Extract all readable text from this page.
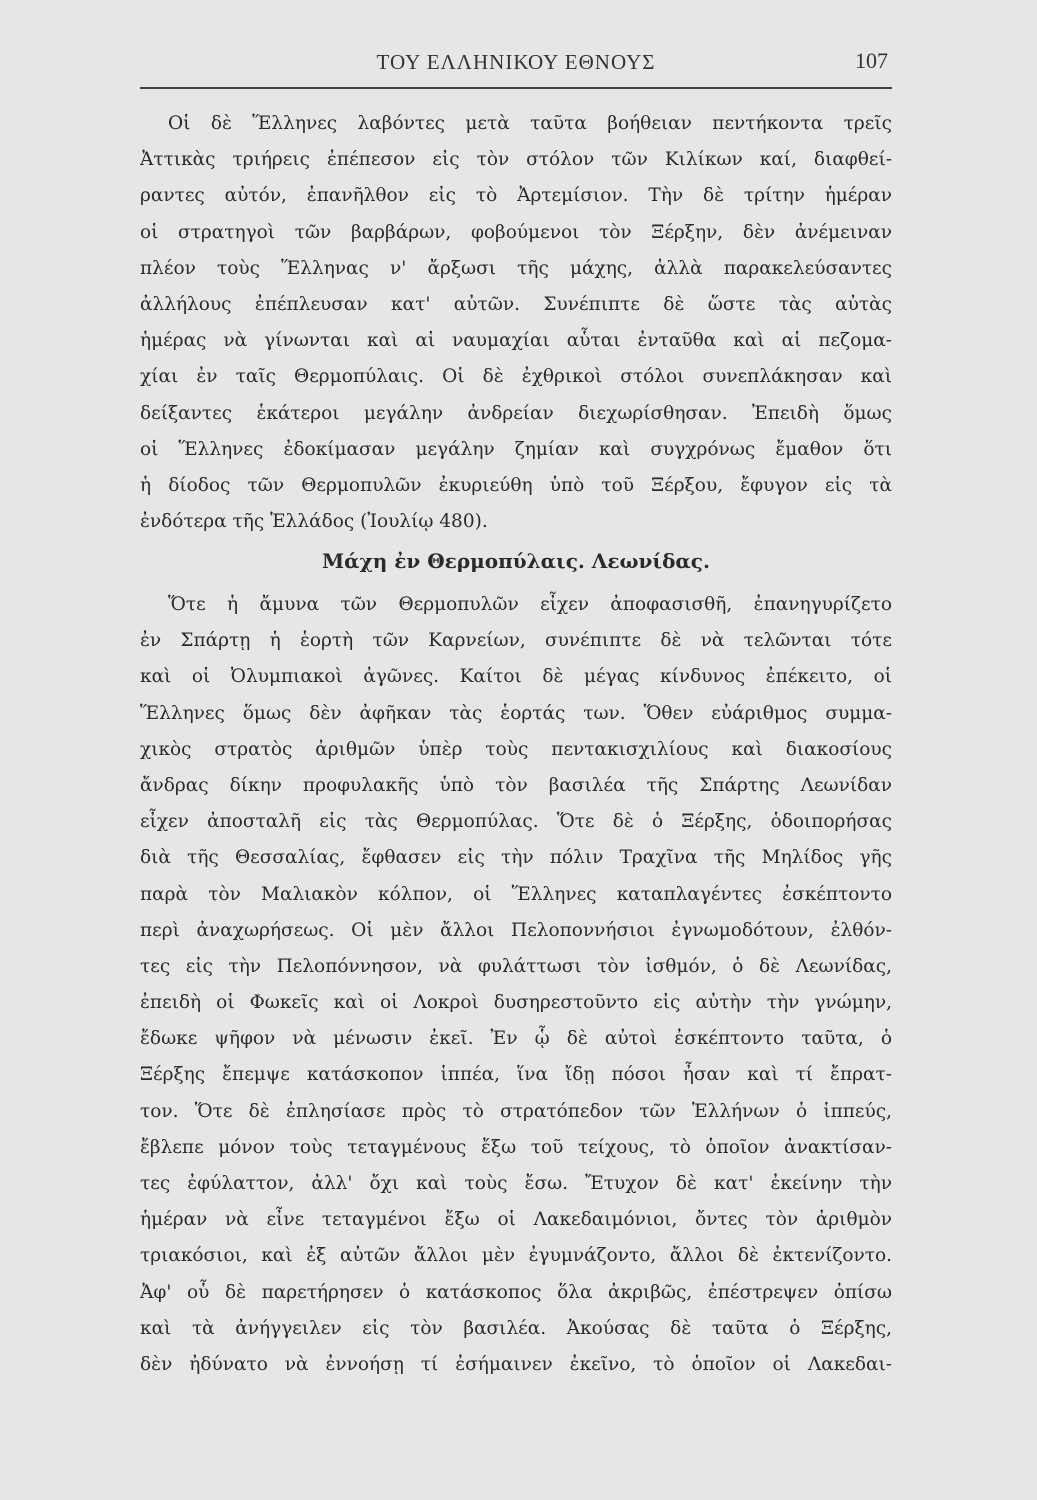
ΤΟΥ ΕΛΛΗΝΙΚΟΥ ΕΘΝΟΥΣ	107
Οἱ δὲ Ἕλληνες λαβόντες μετὰ ταῦτα βοήθειαν πεντήκοντα τρεῖς
Ἀττικὰς τριήρεις ἐπέπεσον εἰς τὸν στόλον τῶν Κιλίκων καί, διαφθεί-
ραντες αὐτόν, ἐπανῆλθον εἰς τὸ Ἀρτεμίσιον. Τὴν δὲ τρίτην ἡμέραν
οἱ στρατηγοὶ τῶν βαρβάρων, φοβούμενοι τὸν Ξέρξην, δὲν ἀνέμειναν
πλέον τοὺς Ἕλληνας ν' ἄρξωσι τῆς μάχης, ἀλλὰ παρακελεύσαντες
ἀλλήλους ἐπέπλευσαν κατ' αὐτῶν. Συνέπιπτε δὲ ὥστε τὰς αὐτὰς
ἡμέρας νὰ γίνωνται καὶ αἱ ναυμαχίαι αὗται ἐνταῦθα καὶ αἱ πεζομα-
χίαι ἐν ταῖς Θερμοπύλαις. Οἱ δὲ ἐχθρικοὶ στόλοι συνεπλάκησαν καὶ
δείξαντες ἑκάτεροι μεγάλην ἀνδρείαν διεχωρίσθησαν. Ἐπειδὴ ὅμως
οἱ Ἕλληνες ἐδοκίμασαν μεγάλην ζημίαν καὶ συγχρόνως ἔμαθον ὅτι
ἡ δίοδος τῶν Θερμοπυλῶν ἐκυριεύθη ὑπὸ τοῦ Ξέρξου, ἔφυγον εἰς τὰ
ἐνδότερα τῆς Ἑλλάδος (Ἰουλίῳ 480).
Μάχη ἐν Θερμοπύλαις. Λεωνίδας.
Ὅτε ἡ ἄμυνα τῶν Θερμοπυλῶν εἶχεν ἀποφασισθῆ, ἐπανηγυρίζετο
ἐν Σπάρτῃ ἡ ἑορτὴ τῶν Καρνείων, συνέπιπτε δὲ νὰ τελῶνται τότε
καὶ οἱ Ὀλυμπιακοὶ ἀγῶνες. Καίτοι δὲ μέγας κίνδυνος ἐπέκειτο, οἱ
Ἕλληνες ὅμως δὲν ἀφῆκαν τὰς ἑορτάς των. Ὅθεν εὐάριθμος συμμα-
χικὸς στρατὸς ἀριθμῶν ὑπὲρ τοὺς πεντακισχιλίους καὶ διακοσίους
ἄνδρας δίκην προφυλακῆς ὑπὸ τὸν βασιλέα τῆς Σπάρτης Λεωνίδαν
εἶχεν ἀποσταλῆ εἰς τὰς Θερμοπύλας. Ὅτε δὲ ὁ Ξέρξης, ὁδοιπορήσας
διὰ τῆς Θεσσαλίας, ἔφθασεν εἰς τὴν πόλιν Τραχῖνα τῆς Μηλίδος γῆς
παρὰ τὸν Μαλιακὸν κόλπον, οἱ Ἕλληνες καταπλαγέντες ἐσκέπτοντο
περὶ ἀναχωρήσεως. Οἱ μὲν ἄλλοι Πελοποννήσιοι ἐγνωμοδότουν, ἐλθόν-
τες εἰς τὴν Πελοπόννησον, νὰ φυλάττωσι τὸν ἰσθμόν, ὁ δὲ Λεωνίδας,
ἐπειδὴ οἱ Φωκεῖς καὶ οἱ Λοκροὶ δυσηρεστοῦντο εἰς αὐτὴν τὴν γνώμην,
ἔδωκε ψῆφον νὰ μένωσιν ἐκεῖ. Ἐν ᾧ δὲ αὐτοὶ ἐσκέπτοντο ταῦτα, ὁ
Ξέρξης ἔπεμψε κατάσκοπον ἱππέα, ἵνα ἴδῃ πόσοι ἦσαν καὶ τί ἔπρατ-
τον. Ὅτε δὲ ἐπλησίασε πρὸς τὸ στρατόπεδον τῶν Ἑλλήνων ὁ ἱππεύς,
ἔβλεπε μόνον τοὺς τεταγμένους ἔξω τοῦ τείχους, τὸ ὁποῖον ἀνακτίσαν-
τες ἐφύλαττον, ἀλλ' ὄχι καὶ τοὺς ἔσω. Ἔτυχον δὲ κατ' ἐκείνην τὴν
ἡμέραν νὰ εἶνε τεταγμένοι ἔξω οἱ Λακεδαιμόνιοι, ὄντες τὸν ἀριθμὸν
τριακόσιοι, καὶ ἐξ αὐτῶν ἄλλοι μὲν ἐγυμνάζοντο, ἄλλοι δὲ ἐκτενίζοντο.
Ἀφ' οὗ δὲ παρετήρησεν ὁ κατάσκοπος ὅλα ἀκριβῶς, ἐπέστρεψεν ὀπίσω
καὶ τὰ ἀνήγγειλεν εἰς τὸν βασιλέα. Ἀκούσας δὲ ταῦτα ὁ Ξέρξης,
δὲν ἠδύνατο νὰ ἐννοήσῃ τί ἐσήμαινεν ἐκεῖνο, τὸ ὁποῖον οἱ Λακεδαι-
